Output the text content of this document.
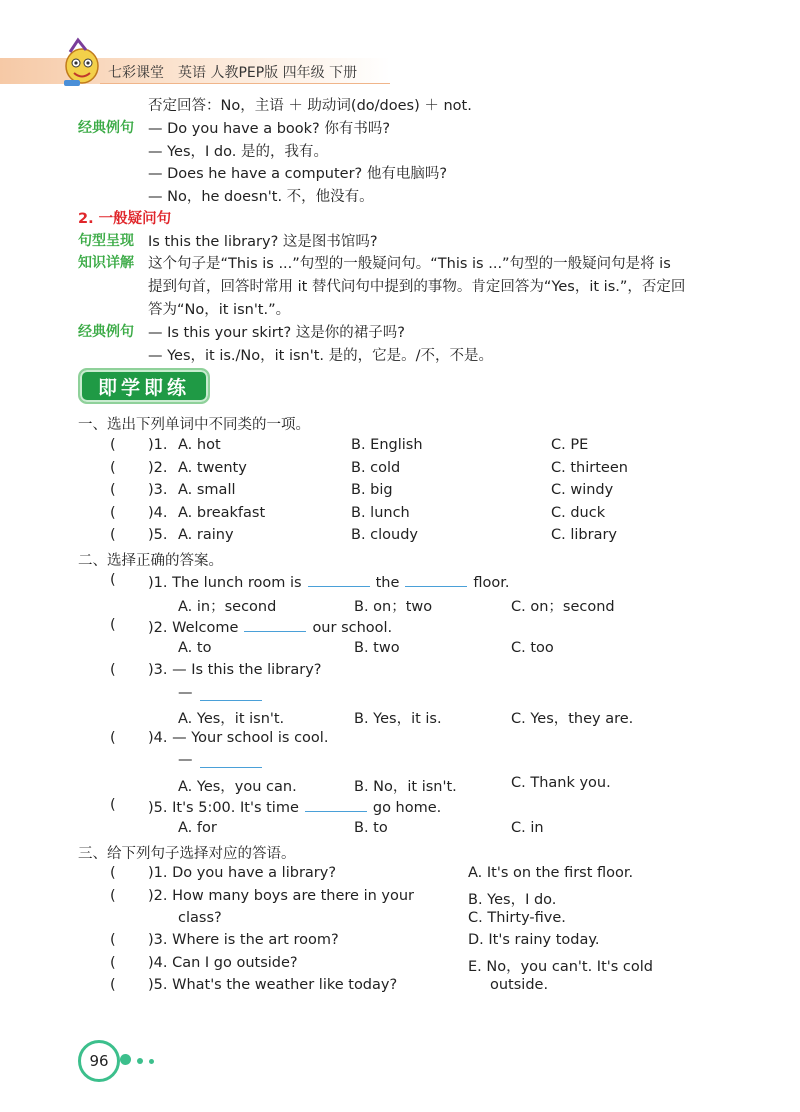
七彩课堂　英语 人教PEP版 四年级 下册
否定回答：No，主语 ＋ 助动词(do/does) ＋ not.
经典例句 — Do you have a book? 你有书吗?
— Yes，I do. 是的，我有。
— Does he have a computer? 他有电脑吗?
— No，he doesn't. 不，他没有。
2. 一般疑问句
句型呈现 Is this the library? 这是图书馆吗?
知识详解 这个句子是“This is ...”句型的一般疑问句。“This is ...”句型的一般疑问句是将 is
提到句首，回答时常用 it 替代问句中提到的事物。肯定回答为“Yes，it is.”，否定回
答为“No，it isn't.”。
经典例句 — Is this your skirt? 这是你的裙子吗?
— Yes，it is./No，it isn't. 是的，它是。/不，不是。
即学即练
一、选出下列单词中不同类的一项。
( )1. A. hot	B. English	C. PE
( )2. A. twenty	B. cold	C. thirteen
( )3. A. small	B. big	C. windy
( )4. A. breakfast	B. lunch	C. duck
( )5. A. rainy	B. cloudy	C. library
二、选择正确的答案。
( )1. The lunch room is	the	floor.
A. in；second	B. on；two	C. on；second
( )2. Welcome	our school.
A. to	B. two	C. too
( )3. — Is this the library?
—
A. Yes，it isn't.	B. Yes，it is.	C. Yes，they are.
( )4. — Your school is cool.
—
A. Yes，you can.	B. No，it isn't.	C. Thank you.
( )5. It's 5:00. It's time	go home.
A. for	B. to	C. in
三、给下列句子选择对应的答语。
( )1. Do you have a library?
( )2. How many boys are there in your
class?
( )3. Where is the art room?
( )4. Can I go outside?
( )5. What's the weather like today?
A. It's on the first floor.
B. Yes，I do.
C. Thirty-five.
D. It's rainy today.
E. No，you can't. It's cold
outside.
96
